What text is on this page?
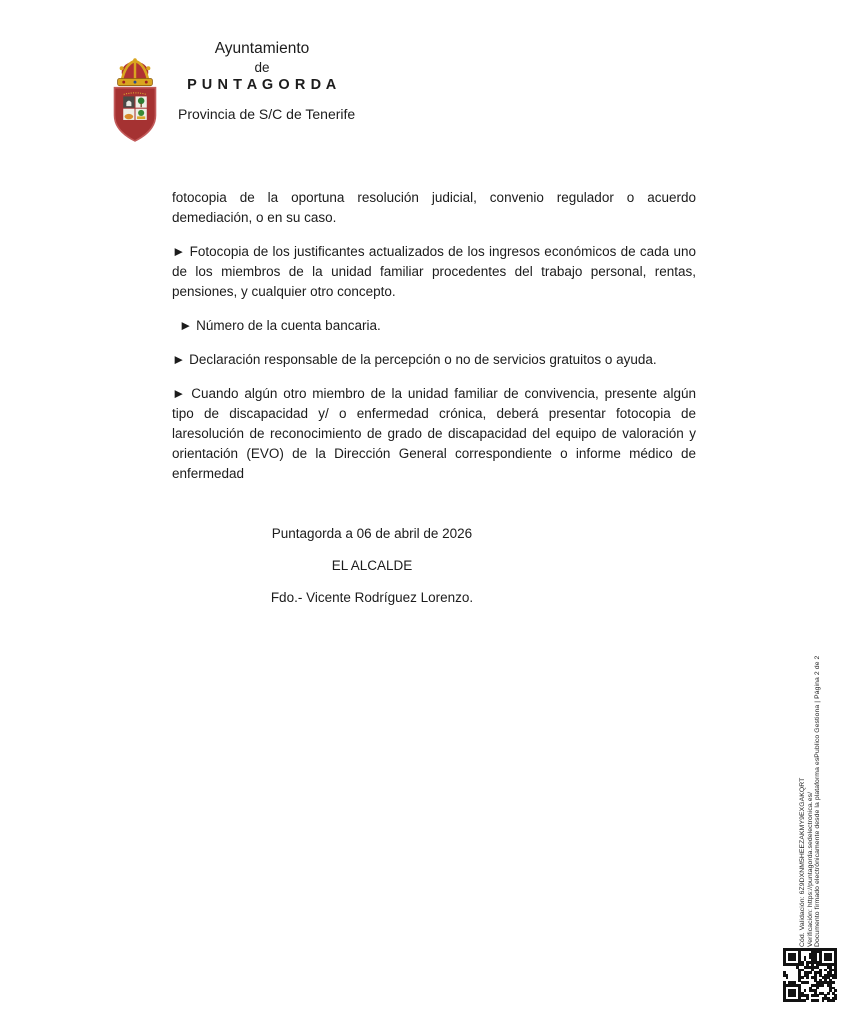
Ayuntamiento
de
P U N T A G O R D A
Provincia de S/C de Tenerife

fotocopia de la oportuna resolución judicial, convenio regulador o acuerdo demediación, o en su caso.

► Fotocopia de los justificantes actualizados de los ingresos económicos de cada uno de los miembros de la unidad familiar procedentes del trabajo personal, rentas, pensiones, y cualquier otro concepto.

► Número de la cuenta bancaria.

► Declaración responsable de la percepción o no de servicios gratuitos o ayuda.

► Cuando algún otro miembro de la unidad familiar de convivencia, presente algún tipo de discapacidad y/ o enfermedad crónica, deberá presentar fotocopia de laresolución de reconocimiento de grado de discapacidad del equipo de valoración y orientación (EVO) de la Dirección General correspondiente o informe médico de enfermedad

Puntagorda a 06 de abril de 2026
EL ALCALDE
Fdo.- Vicente Rodríguez Lorenzo.
Cód. Validación: 6Z9DXNM5HEEZAKMY9EXGAKQRT Verificación: https://puntagorda.sedelectronica.es/ Documento firmado electrónicamente desde la plataforma esPublico Gestiona | Página 2 de 2
